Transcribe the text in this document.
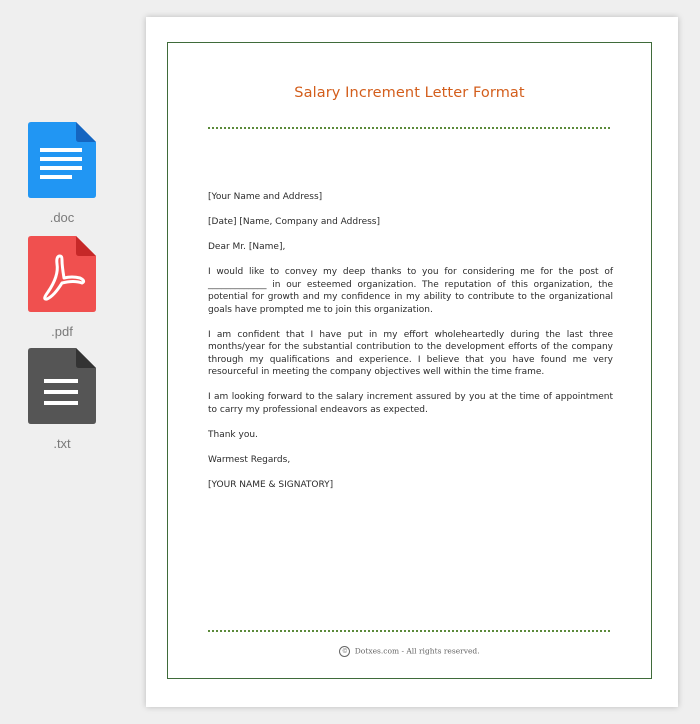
.doc
.pdf
.txt
Salary Increment Letter Format

[Your Name and Address]

[Date] [Name, Company and Address]

Dear Mr. [Name],

I would like to convey my deep thanks to you for considering me for the post of _____________ in our esteemed organization. The reputation of this organization, the potential for growth and my confidence in my ability to contribute to the organizational goals have prompted me to join this organization.

I am confident that I have put in my effort wholeheartedly during the last three months/year for the substantial contribution to the development efforts of the company through my qualifications and experience. I believe that you have found me very resourceful in meeting the company objectives well within the time frame.

I am looking forward to the salary increment assured by you at the time of appointment to carry my professional endeavors as expected.

Thank you.

Warmest Regards,

[YOUR NAME & SIGNATORY]

© Dotxes.com - All rights reserved.
